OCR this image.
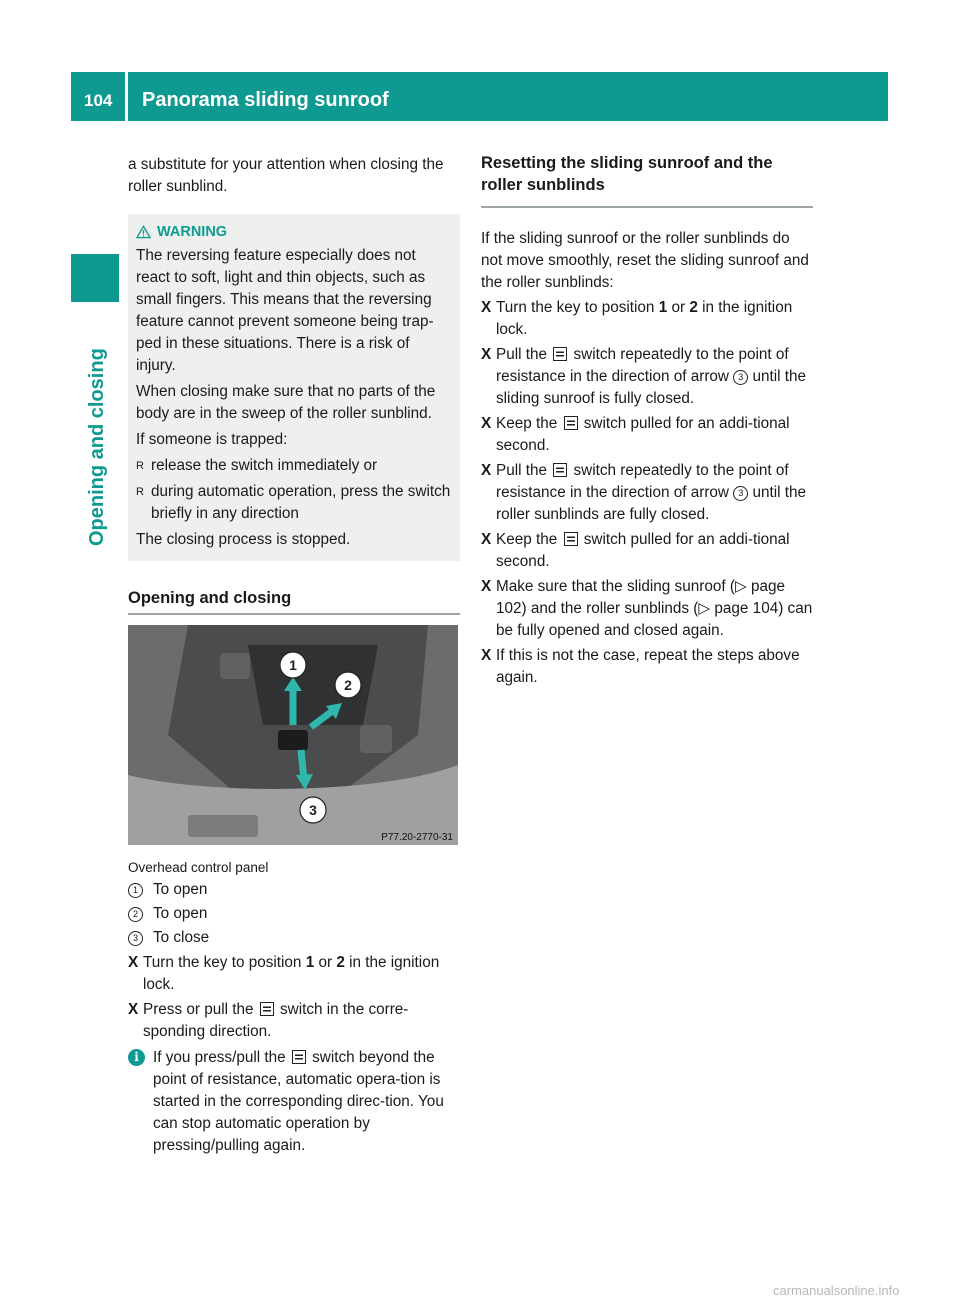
104 Panorama sliding sunroof
Opening and closing

a substitute for your attention when closing the roller sunblind.

WARNING

The reversing feature especially does not react to soft, light and thin objects, such as small fingers. This means that the reversing feature cannot prevent someone being trap-ped in these situations. There is a risk of injury.

When closing make sure that no parts of the body are in the sweep of the roller sunblind.

If someone is trapped:

R release the switch immediately or
R during automatic operation, press the switch briefly in any direction

The closing process is stopped.

Opening and closing
1
2
3
P77.20-2770-31

Overhead control panel

1 To open
2 To open
3 To close
X Turn the key to position 1 or 2 in the ignition lock.
X Press or pull the  switch in the corre-sponding direction.
i If you press/pull the  switch beyond the point of resistance, automatic opera-tion is started in the corresponding direc-tion. You can stop automatic operation by pressing/pulling again.
Resetting the sliding sunroof and the roller sunblinds

If the sliding sunroof or the roller sunblinds do not move smoothly, reset the sliding sunroof and the roller sunblinds:

X Turn the key to position 1 or 2 in the ignition lock.
X Pull the  switch repeatedly to the point of resistance in the direction of arrow 3 until the sliding sunroof is fully closed.
X Keep the  switch pulled for an addi-tional second.
X Pull the  switch repeatedly to the point of resistance in the direction of arrow 3 until the roller sunblinds are fully closed.
X Keep the  switch pulled for an addi-tional second.
X Make sure that the sliding sunroof (▷ page 102) and the roller sunblinds (▷ page 104) can be fully opened and closed again.
X If this is not the case, repeat the steps above again.
carmanualsonline.info
